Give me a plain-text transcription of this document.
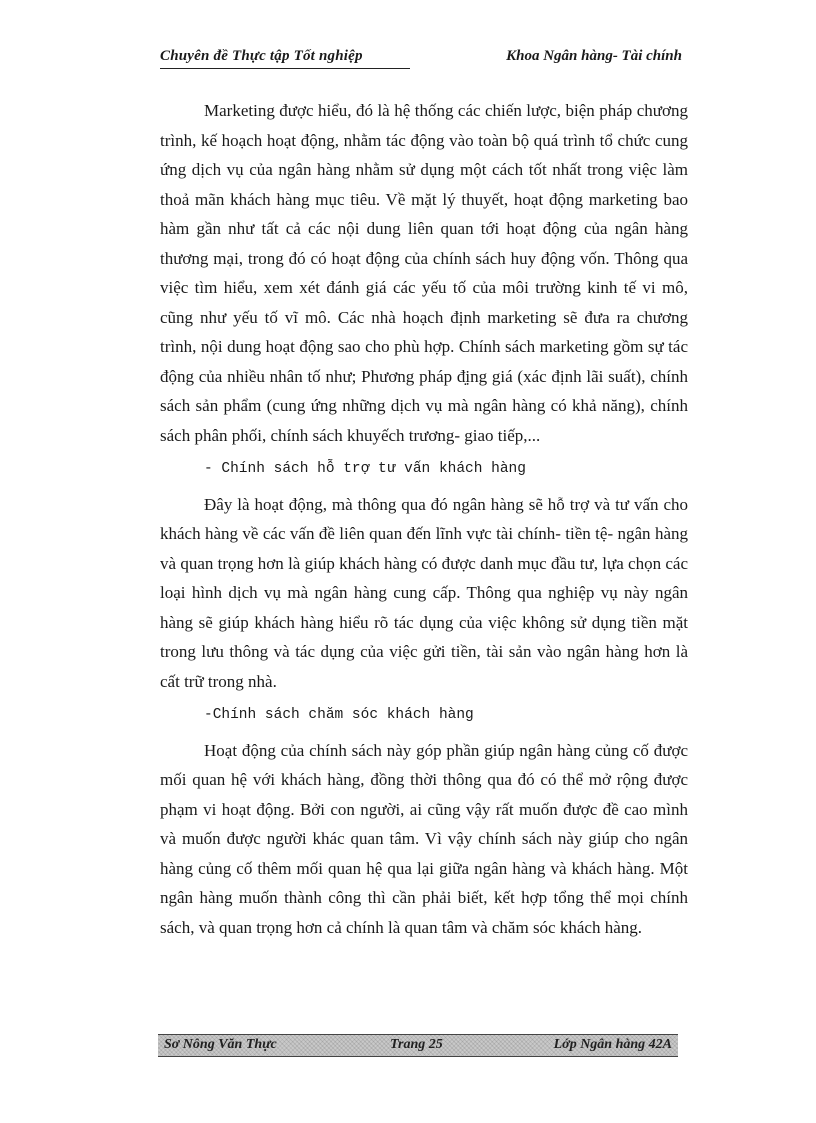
Chuyên đề Thực tập Tốt nghiệp	Khoa Ngân hàng- Tài chính

Marketing được hiểu, đó là hệ thống các chiến lược, biện pháp chương trình, kế hoạch hoạt động, nhằm tác động vào toàn bộ quá trình tổ chức cung ứng dịch vụ của ngân hàng nhằm sử dụng một cách tốt nhất trong việc làm thoả mãn khách hàng mục tiêu. Về mặt lý thuyết, hoạt động marketing bao hàm gần như tất cả các nội dung liên quan tới hoạt động của ngân hàng thương mại, trong đó có hoạt động của chính sách huy động vốn. Thông qua việc tìm hiểu, xem xét đánh giá các yếu tố của môi trường kinh tế vi mô, cũng như yếu tố vĩ mô. Các nhà hoạch định marketing sẽ đưa ra chương trình, nội dung hoạt động sao cho phù hợp. Chính sách marketing gồm sự tác động của nhiều nhân tố như; Phương pháp đ̣ịng giá (xác định lãi suất), chính sách sản phẩm (cung ứng những dịch vụ mà ngân hàng có khả năng), chính sách phân phối, chính sách khuyếch trương- giao tiếp,...

- Chính sách hỗ trợ tư vấn khách hàng

Đây là hoạt động, mà thông qua đó ngân hàng sẽ hỗ trợ và tư vấn cho khách hàng về các vấn đề liên quan đến lĩnh vực tài chính- tiền tệ- ngân hàng và quan trọng hơn là giúp khách hàng có được danh mục đầu tư, lựa chọn các loại hình dịch vụ mà ngân hàng cung cấp. Thông qua nghiệp vụ này ngân hàng sẽ giúp khách hàng hiểu rõ tác dụng của việc không sử dụng tiền mặt trong lưu thông và tác dụng của việc gửi tiền, tài sản vào ngân hàng hơn là cất trữ trong nhà.

-Chính sách chăm sóc khách hàng

Hoạt động của chính sách này góp phần giúp ngân hàng củng cố được mối quan hệ với khách hàng, đồng thời thông qua đó có thể mở rộng được phạm vi hoạt động. Bởi con người, ai cũng vậy rất muốn được đề cao mình và muốn được người khác quan tâm. Vì vậy chính sách này giúp cho ngân hàng củng cố thêm mối quan hệ qua lại giữa ngân hàng và khách hàng. Một ngân hàng muốn thành công thì cần phải biết, kết hợp tổng thể mọi chính sách, và quan trọng hơn cả chính là quan tâm và chăm sóc khách hàng.

Sơ Nông Văn Thực	Trang 25	Lớp Ngân hàng 42A
